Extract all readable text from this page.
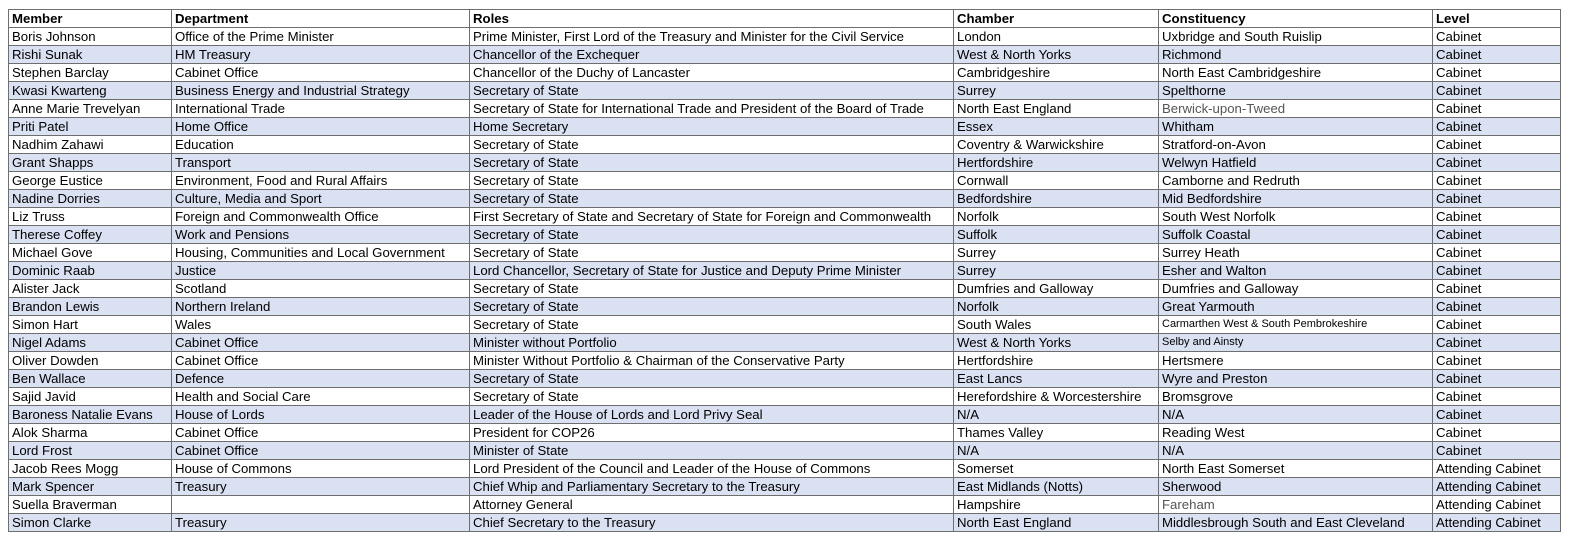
Member	Department	Roles	Chamber	Constituency	Level
Boris Johnson	Office of the Prime Minister	Prime Minister, First Lord of the Treasury and Minister for the Civil Service	London	Uxbridge and South Ruislip	Cabinet
Rishi Sunak	HM Treasury	Chancellor of the Exchequer	West & North Yorks	Richmond	Cabinet
Stephen Barclay	Cabinet Office	Chancellor of the Duchy of Lancaster	Cambridgeshire	North East Cambridgeshire	Cabinet
Kwasi Kwarteng	Business Energy and Industrial Strategy	Secretary of State	Surrey	Spelthorne	Cabinet
Anne Marie Trevelyan	International Trade	Secretary of State for International Trade and President of the Board of Trade	North East England	Berwick-upon-Tweed	Cabinet
Priti Patel	Home Office	Home Secretary	Essex	Whitham	Cabinet
Nadhim Zahawi	Education	Secretary of State	Coventry & Warwickshire	Stratford-on-Avon	Cabinet
Grant Shapps	Transport	Secretary of State	Hertfordshire	Welwyn Hatfield	Cabinet
George Eustice	Environment, Food and Rural Affairs	Secretary of State	Cornwall	Camborne and Redruth	Cabinet
Nadine Dorries	Culture, Media and Sport	Secretary of State	Bedfordshire	Mid Bedfordshire	Cabinet
Liz Truss	Foreign and Commonwealth Office	First Secretary of State and Secretary of State for Foreign and Commonwealth	Norfolk	South West Norfolk	Cabinet
Therese Coffey	Work and Pensions	Secretary of State	Suffolk	Suffolk Coastal	Cabinet
Michael Gove	Housing, Communities and Local Government	Secretary of State	Surrey	Surrey Heath	Cabinet
Dominic Raab	Justice	Lord Chancellor, Secretary of State for Justice and Deputy Prime Minister	Surrey	Esher and Walton	Cabinet
Alister Jack	Scotland	Secretary of State	Dumfries and Galloway	Dumfries and Galloway	Cabinet
Brandon Lewis	Northern Ireland	Secretary of State	Norfolk	Great Yarmouth	Cabinet
Simon Hart	Wales	Secretary of State	South Wales	Carmarthen West & South Pembrokeshire	Cabinet
Nigel Adams	Cabinet Office	Minister without Portfolio	West & North Yorks	Selby and Ainsty	Cabinet
Oliver Dowden	Cabinet Office	Minister Without Portfolio & Chairman of the Conservative Party	Hertfordshire	Hertsmere	Cabinet
Ben Wallace	Defence	Secretary of State	East Lancs	Wyre and Preston	Cabinet
Sajid Javid	Health and Social Care	Secretary of State	Herefordshire & Worcestershire	Bromsgrove	Cabinet
Baroness Natalie Evans	House of Lords	Leader of the House of Lords and Lord Privy Seal	N/A	N/A	Cabinet
Alok Sharma	Cabinet Office	President for COP26	Thames Valley	Reading West	Cabinet
Lord Frost	Cabinet Office	Minister of State	N/A	N/A	Cabinet
Jacob Rees Mogg	House of Commons	Lord President of the Council and Leader of the House of Commons	Somerset	North East Somerset	Attending Cabinet
Mark Spencer	Treasury	Chief Whip and Parliamentary Secretary to the Treasury	East Midlands (Notts)	Sherwood	Attending Cabinet
Suella Braverman		Attorney General	Hampshire	Fareham	Attending Cabinet
Simon Clarke	Treasury	Chief Secretary to the Treasury	North East England	Middlesbrough South and East Cleveland	Attending Cabinet
